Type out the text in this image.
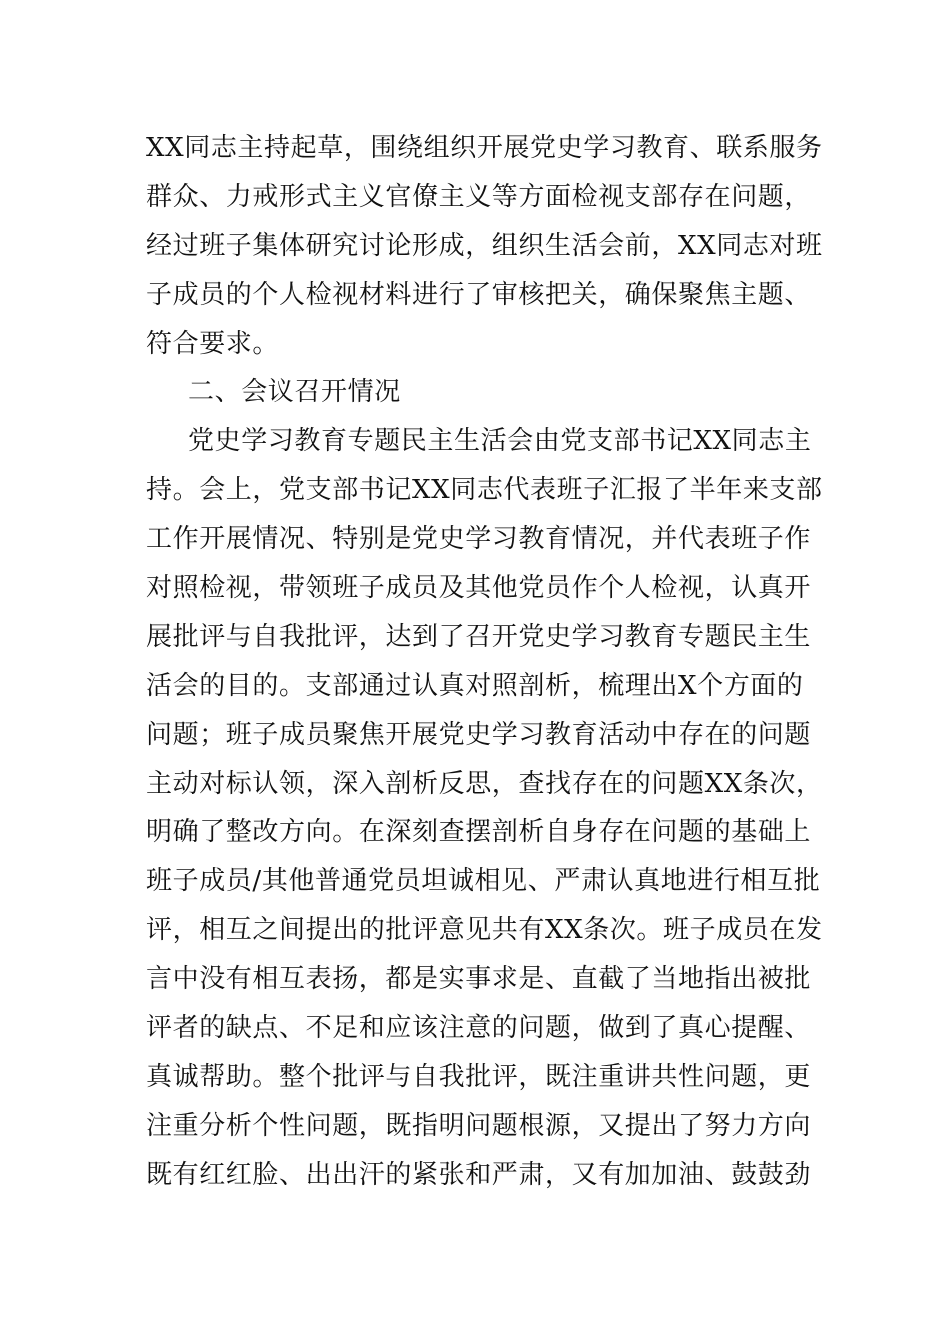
XX同志主持起草，围绕组织开展党史学习教育、联系服务
群众、力戒形式主义官僚主义等方面检视支部存在问题，
经过班子集体研究讨论形成，组织生活会前，XX同志对班
子成员的个人检视材料进行了审核把关，确保聚焦主题、
符合要求。
二、会议召开情况
党史学习教育专题民主生活会由党支部书记XX同志主
持。会上，党支部书记XX同志代表班子汇报了半年来支部
工作开展情况、特别是党史学习教育情况，并代表班子作
对照检视，带领班子成员及其他党员作个人检视，认真开
展批评与自我批评，达到了召开党史学习教育专题民主生
活会的目的。支部通过认真对照剖析，梳理出X个方面的
问题；班子成员聚焦开展党史学习教育活动中存在的问题
主动对标认领，深入剖析反思，查找存在的问题XX条次，
明确了整改方向。在深刻查摆剖析自身存在问题的基础上
班子成员/其他普通党员坦诚相见、严肃认真地进行相互批
评，相互之间提出的批评意见共有XX条次。班子成员在发
言中没有相互表扬，都是实事求是、直截了当地指出被批
评者的缺点、不足和应该注意的问题，做到了真心提醒、
真诚帮助。整个批评与自我批评，既注重讲共性问题，更
注重分析个性问题，既指明问题根源，又提出了努力方向
既有红红脸、出出汗的紧张和严肃，又有加加油、鼓鼓劲
